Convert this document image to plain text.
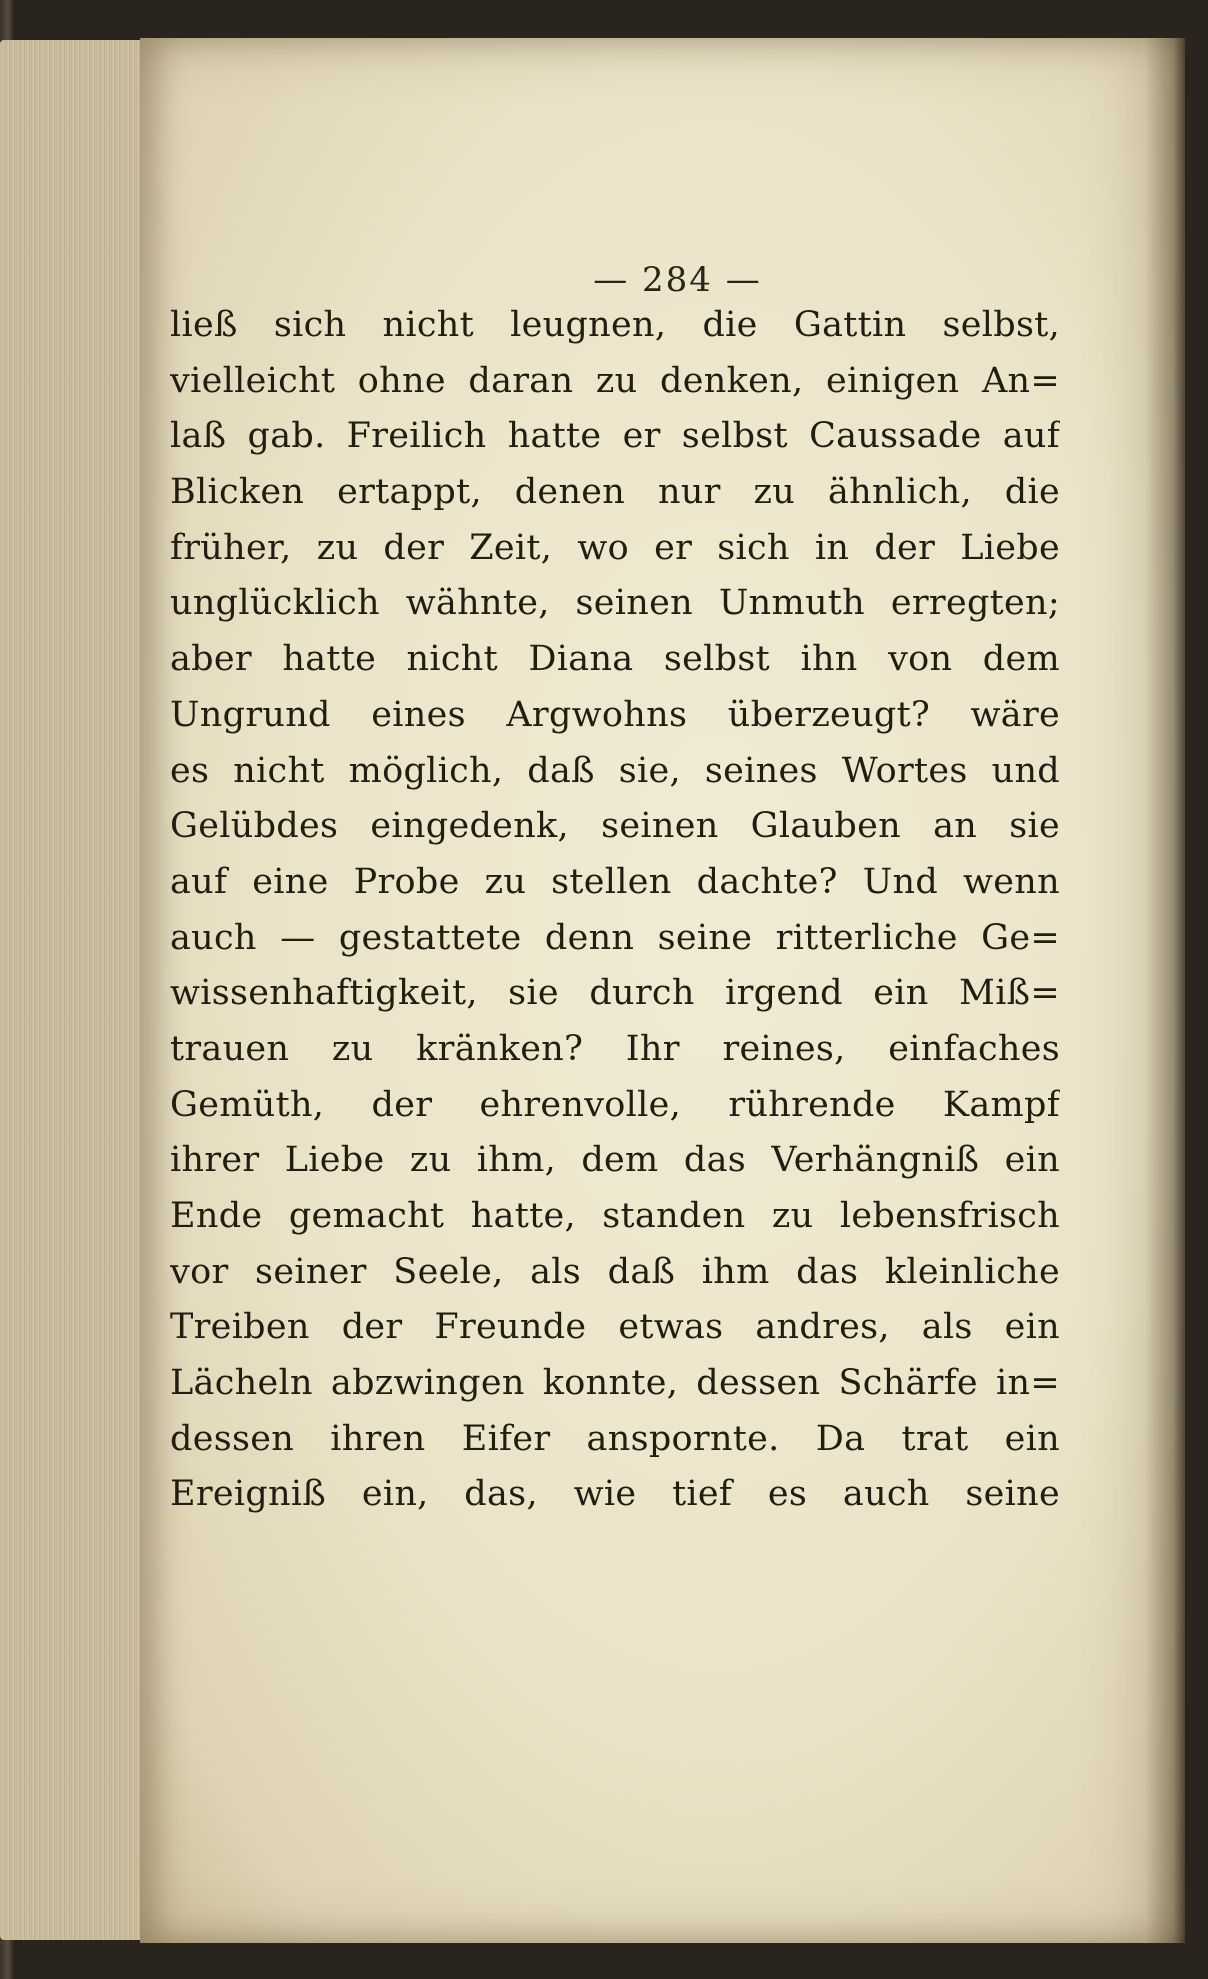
— 284 —
ließ sich nicht leugnen, die Gattin selbst,
vielleicht ohne daran zu denken, einigen An=
laß gab. Freilich hatte er selbst Caussade auf
Blicken ertappt, denen nur zu ähnlich, die
früher, zu der Zeit, wo er sich in der Liebe
unglücklich wähnte, seinen Unmuth erregten;
aber hatte nicht Diana selbst ihn von dem
Ungrund eines Argwohns überzeugt? wäre
es nicht möglich, daß sie, seines Wortes und
Gelübdes eingedenk, seinen Glauben an sie
auf eine Probe zu stellen dachte? Und wenn
auch — gestattete denn seine ritterliche Ge=
wissenhaftigkeit, sie durch irgend ein Miß=
trauen zu kränken? Ihr reines, einfaches
Gemüth, der ehrenvolle, rührende Kampf
ihrer Liebe zu ihm, dem das Verhängniß ein
Ende gemacht hatte, standen zu lebensfrisch
vor seiner Seele, als daß ihm das kleinliche
Treiben der Freunde etwas andres, als ein
Lächeln abzwingen konnte, dessen Schärfe in=
dessen ihren Eifer anspornte. Da trat ein
Ereigniß ein, das, wie tief es auch seine
